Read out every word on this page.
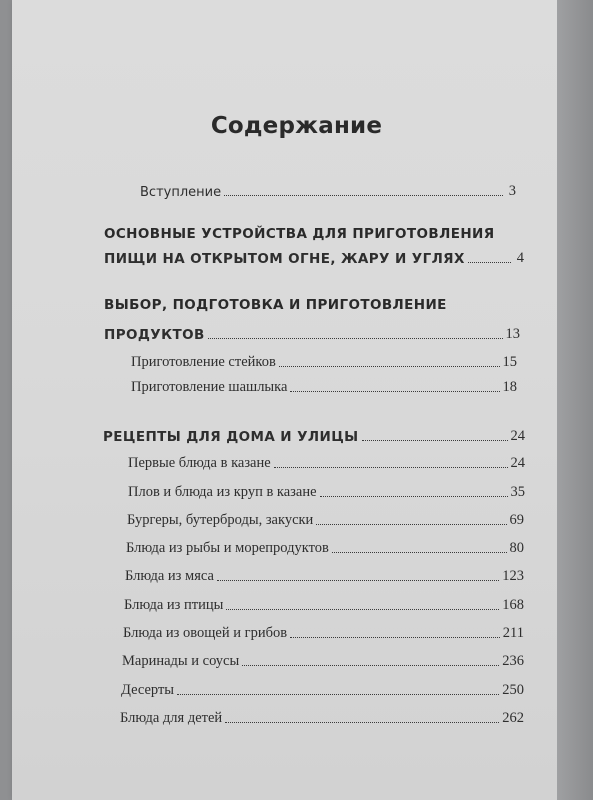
Содержание
Вступление	3
ОСНОВНЫЕ УСТРОЙСТВА ДЛЯ ПРИГОТОВЛЕНИЯ
ПИЩИ НА ОТКРЫТОМ ОГНЕ, ЖАРУ И УГЛЯХ	4
ВЫБОР, ПОДГОТОВКА И ПРИГОТОВЛЕНИЕ
ПРОДУКТОВ	13
Приготовление стейков	15
Приготовление шашлыка	18
РЕЦЕПТЫ ДЛЯ ДОМА И УЛИЦЫ	24
Первые блюда в казане	24
Плов и блюда из круп в казане	35
Бургеры, бутерброды, закуски	69
Блюда из рыбы и морепродуктов	80
Блюда из мяса	123
Блюда из птицы	168
Блюда из овощей и грибов	211
Маринады и соусы	236
Десерты	250
Блюда для детей	262
